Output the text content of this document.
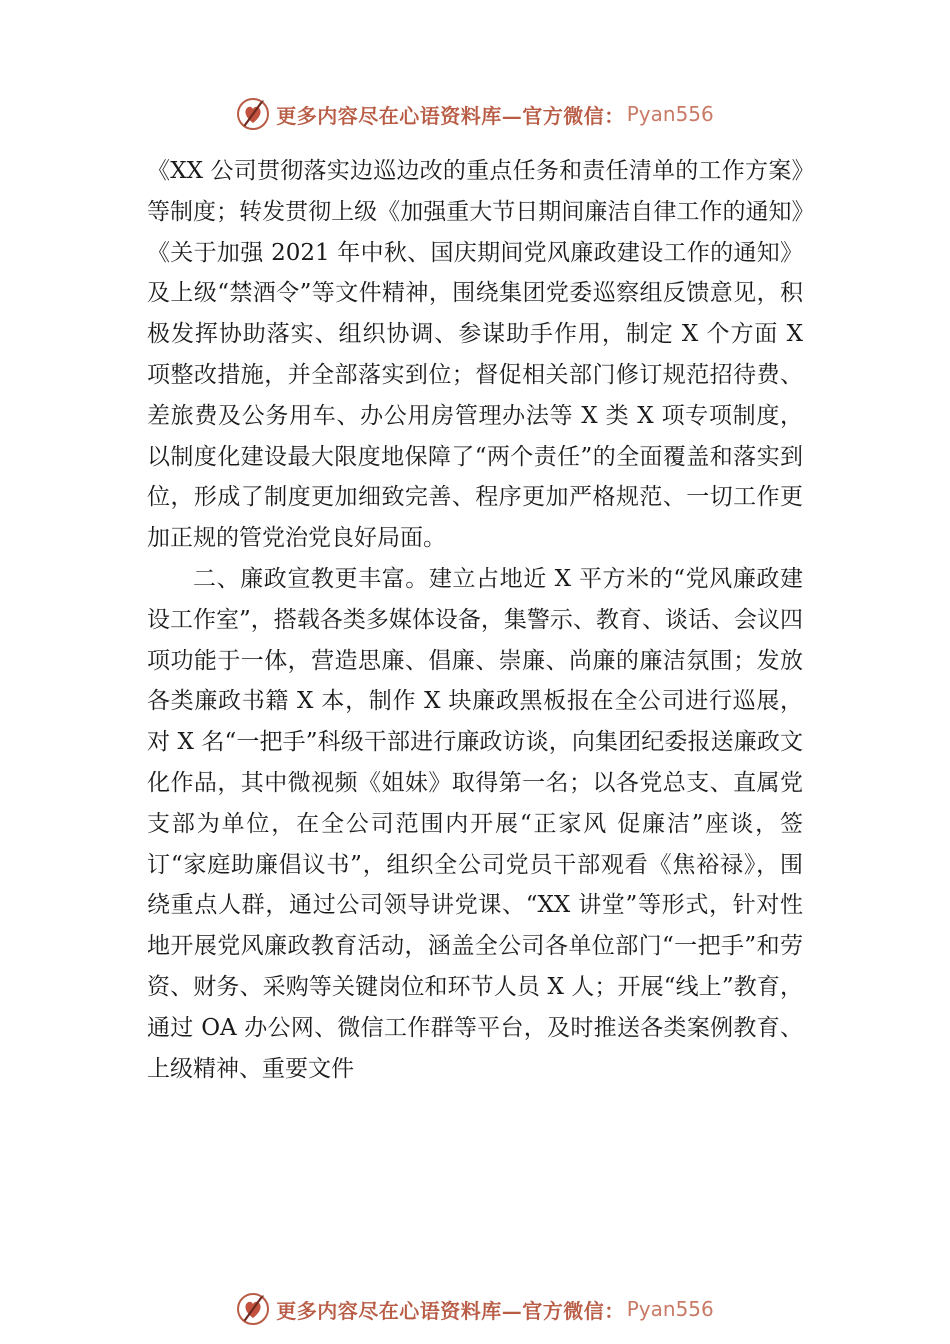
更多内容尽在心语资料库—官方微信： Pyan556

《XX 公司贯彻落实边巡边改的重点任务和责任清单的工作方案》等制度；转发贯彻上级《加强重大节日期间廉洁自律工作的通知》《关于加强 2021 年中秋、国庆期间党风廉政建设工作的通知》及上级“禁酒令”等文件精神，围绕集团党委巡察组反馈意见，积极发挥协助落实、组织协调、参谋助手作用，制定 X 个方面 X 项整改措施，并全部落实到位；督促相关部门修订规范招待费、差旅费及公务用车、办公用房管理办法等 X 类 X 项专项制度，以制度化建设最大限度地保障了“两个责任”的全面覆盖和落实到位，形成了制度更加细致完善、程序更加严格规范、一切工作更加正规的管党治党良好局面。

二、廉政宣教更丰富。建立占地近 X 平方米的“党风廉政建设工作室”，搭载各类多媒体设备，集警示、教育、谈话、会议四项功能于一体，营造思廉、倡廉、崇廉、尚廉的廉洁氛围；发放各类廉政书籍 X 本，制作 X 块廉政黑板报在全公司进行巡展，对 X 名“一把手”科级干部进行廉政访谈，向集团纪委报送廉政文化作品，其中微视频《姐妹》取得第一名；以各党总支、直属党支部为单位，在全公司范围内开展“正家风 促廉洁”座谈，签订“家庭助廉倡议书”，组织全公司党员干部观看《焦裕禄》，围绕重点人群，通过公司领导讲党课、“XX 讲堂”等形式，针对性地开展党风廉政教育活动，涵盖全公司各单位部门“一把手”和劳资、财务、采购等关键岗位和环节人员 X 人；开展“线上”教育，通过 OA 办公网、微信工作群等平台，及时推送各类案例教育、上级精神、重要文件

更多内容尽在心语资料库—官方微信： Pyan556
